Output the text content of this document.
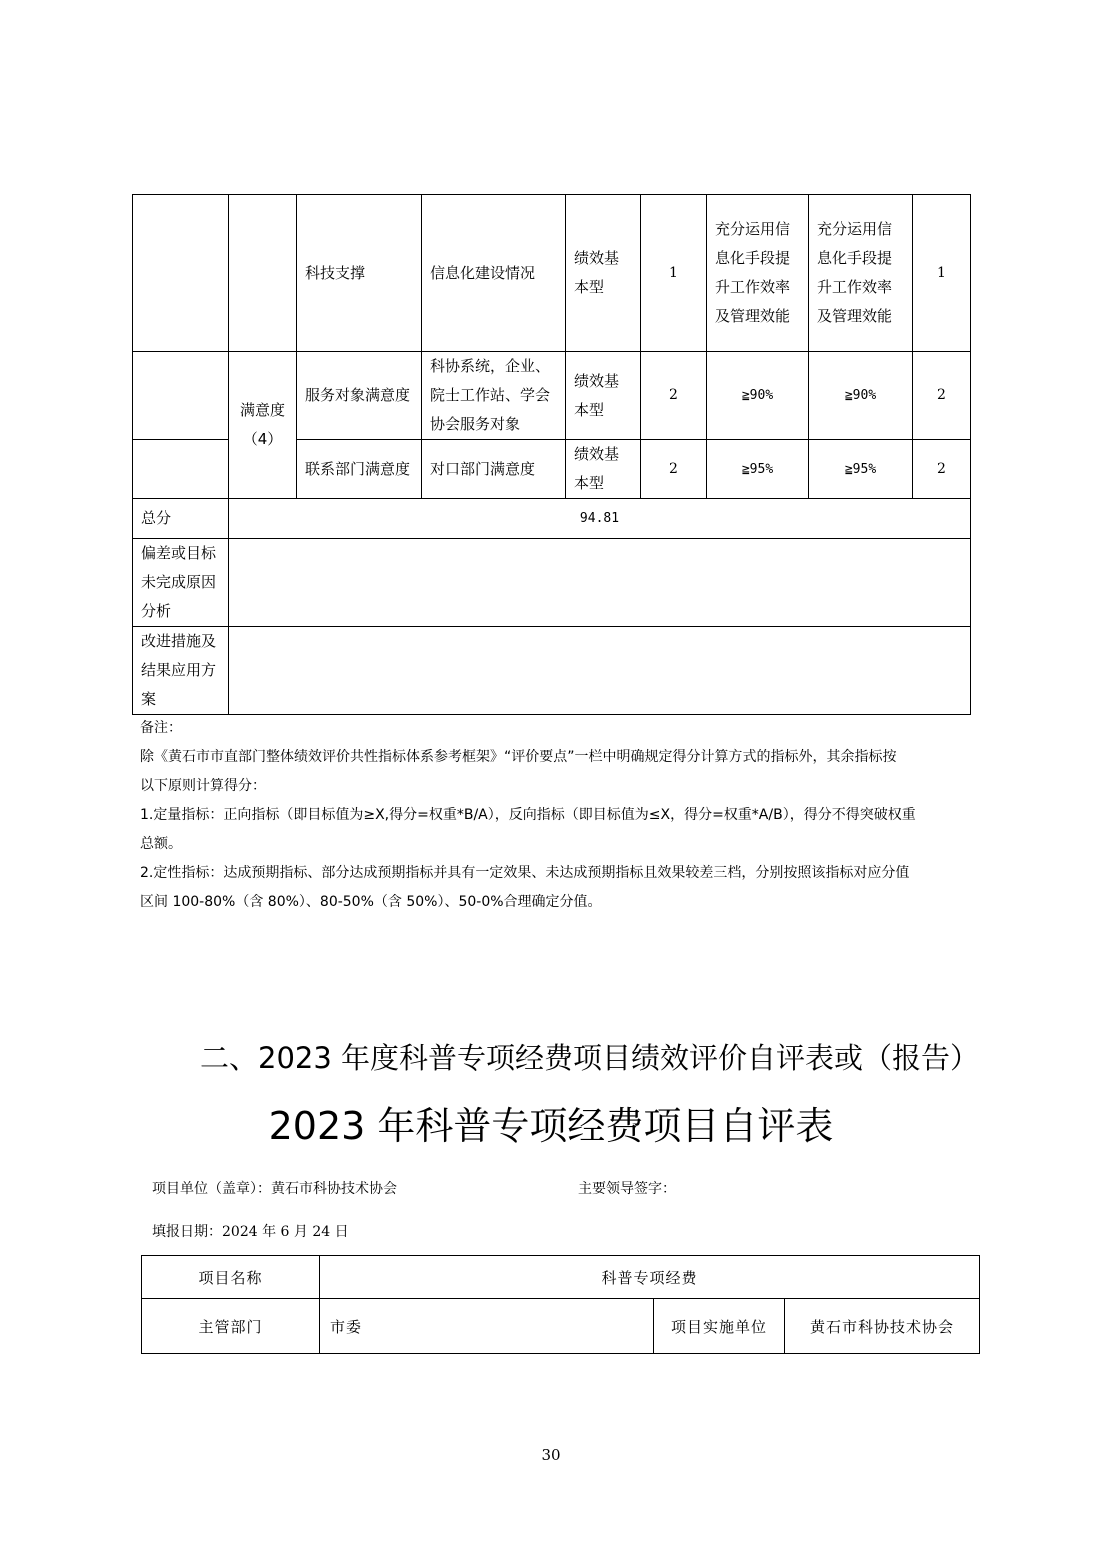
		科技支撑	信息化建设情况	绩效基
本型	1	充分运用信
息化手段提
升工作效率
及管理效能	充分运用信
息化手段提
升工作效率
及管理效能	1

	满意度
（4）	服务对象满意度	科协系统，企业、
院士工作站、学会
协会服务对象	绩效基
本型	2	≧90%	≧90%	2
		联系部门满意度	对口部门满意度	绩效基
本型	2	≧95%	≧95%	2
总分	94.81							

偏差或目标
未完成原因
分析								

改进措施及
结果应用方
案								

备注：

除《黄石市市直部门整体绩效评价共性指标体系参考框架》“评价要点”一栏中明确规定得分计算方式的指标外，其余指标按

以下原则计算得分：

1.定量指标：正向指标（即目标值为≥X,得分=权重*B/A），反向指标（即目标值为≤X，得分=权重*A/B），得分不得突破权重

总额。

2.定性指标：达成预期指标、部分达成预期指标并具有一定效果、未达成预期指标且效果较差三档，分别按照该指标对应分值

区间 100-80%（含 80%）、80-50%（含 50%）、50-0%合理确定分值。

二、2023 年度科普专项经费项目绩效评价自评表或（报告）
2023 年科普专项经费项目自评表
项目单位（盖章）：黄石市科协技术协会	主要领导签字：
填报日期：2024 年 6 月 24 日
项目名称	科普专项经费		
主管部门	市委	项目实施单位	黄石市科协技术协会
30
